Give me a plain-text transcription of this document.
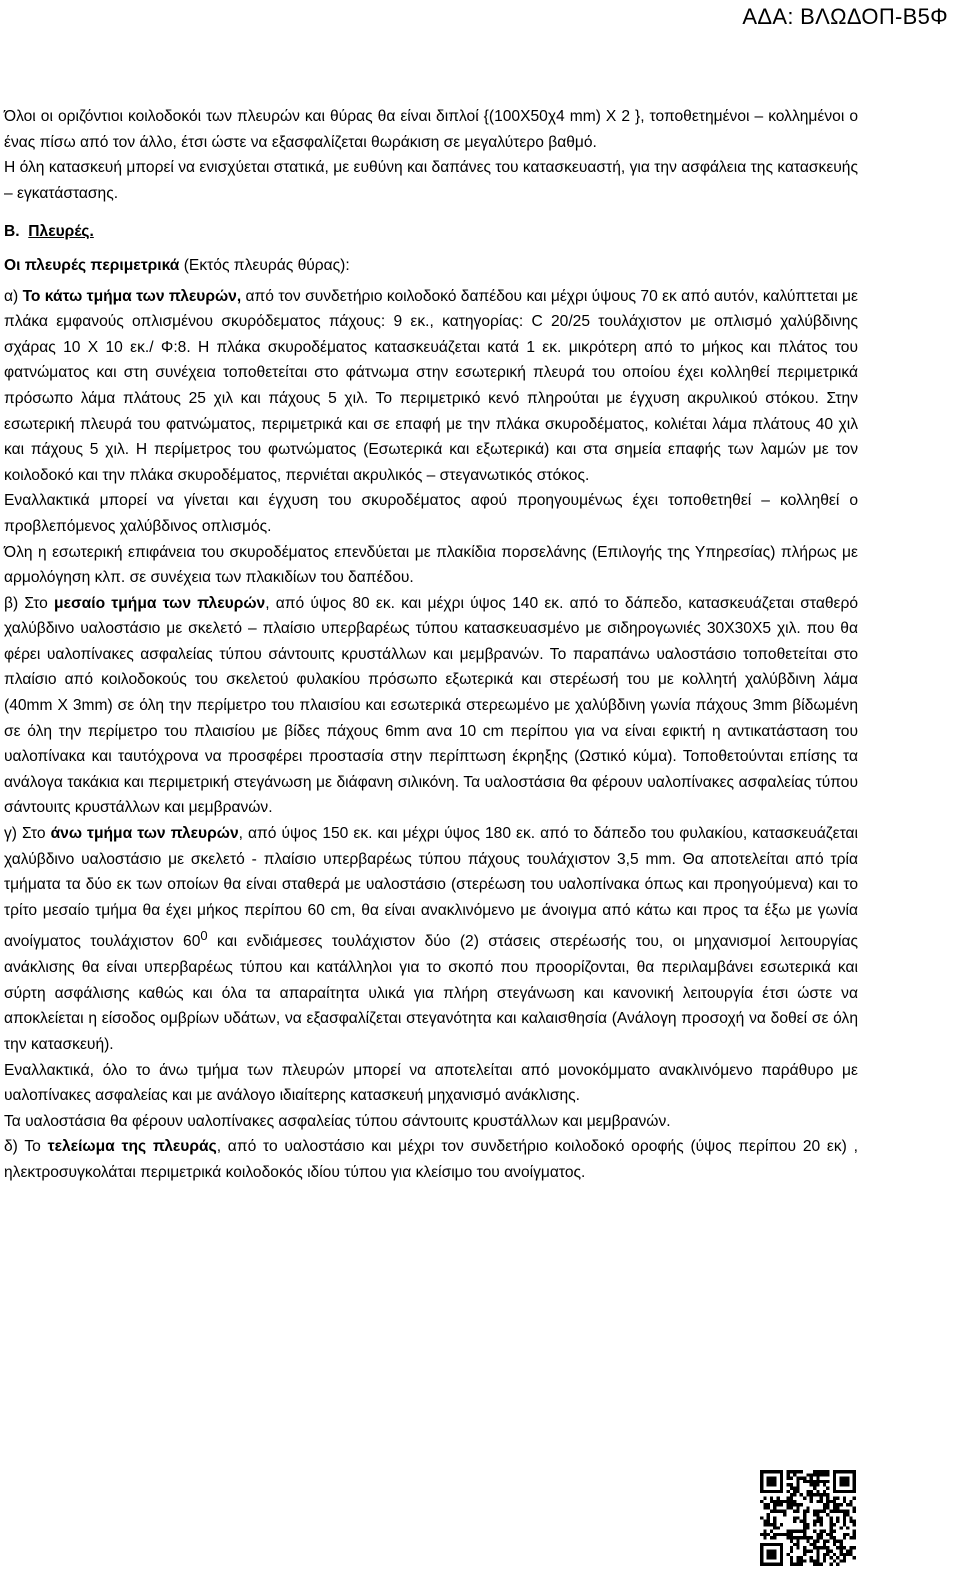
ΑΔΑ: ΒΛΩΔΟΠ-Β5Φ

Όλοι οι οριζόντιοι κοιλοδοκόι των πλευρών και θύρας θα είναι διπλοί {(100Χ50χ4 mm) Χ 2 }, τοποθετημένοι – κολλημένοι ο ένας πίσω από τον άλλο, έτσι ώστε να εξασφαλίζεται θωράκιση σε μεγαλύτερο βαθμό.

Η όλη κατασκευή μπορεί να ενισχύεται στατικά, με ευθύνη και δαπάνες του κατασκευαστή, για την ασφάλεια της κατασκευής – εγκατάστασης.

Β. Πλευρές.

Οι πλευρές περιμετρικά (Εκτός πλευράς θύρας):

α) Το κάτω τμήμα των πλευρών, από τον συνδετήριο κοιλοδοκό δαπέδου και μέχρι ύψους 70 εκ από αυτόν, καλύπτεται με πλάκα εμφανούς οπλισμένου σκυρόδεματος πάχους: 9 εκ., κατηγορίας: C 20/25 τουλάχιστον με οπλισμό χαλύβδινης σχάρας 10 Χ 10 εκ./ Φ:8. Η πλάκα σκυροδέματος κατασκευάζεται κατά 1 εκ. μικρότερη από το μήκος και πλάτος του φατνώματος και στη συνέχεια τοποθετείται στο φάτνωμα στην εσωτερική πλευρά του οποίου έχει κολληθεί περιμετρικά πρόσωπο λάμα πλάτους 25 χιλ και πάχους 5 χιλ. Το περιμετρικό κενό πληρούται με έγχυση ακρυλικού στόκου. Στην εσωτερική πλευρά του φατνώματος, περιμετρικά και σε επαφή με την πλάκα σκυροδέματος, κολιέται λάμα πλάτους 40 χιλ και πάχους 5 χιλ. Η περίμετρος του φωτνώματος (Εσωτερικά και εξωτερικά) και στα σημεία επαφής των λαμών με τον κοιλοδοκό και την πλάκα σκυροδέματος, περνιέται ακρυλικός – στεγανωτικός στόκος.

Εναλλακτικά μπορεί να γίνεται και έγχυση του σκυροδέματος αφού προηγουμένως έχει τοποθετηθεί – κολληθεί ο προβλεπόμενος χαλύβδινος οπλισμός.

Όλη η εσωτερική επιφάνεια του σκυροδέματος επενδύεται με πλακίδια πορσελάνης (Επιλογής της Υπηρεσίας) πλήρως με αρμολόγηση κλπ. σε συνέχεια των πλακιδίων του δαπέδου.

β) Στο μεσαίο τμήμα των πλευρών, από ύψος 80 εκ. και μέχρι ύψος 140 εκ. από το δάπεδο, κατασκευάζεται σταθερό χαλύβδινο υαλοστάσιο με σκελετό – πλαίσιο υπερβαρέως τύπου κατασκευασμένο με σιδηρογωνιές 30Χ30Χ5 χιλ. που θα φέρει υαλοπίνακες ασφαλείας τύπου σάντουιτς κρυστάλλων και μεμβρανών. Το παραπάνω υαλοστάσιο τοποθετείται στο πλαίσιο από κοιλοδοκούς του σκελετού φυλακίου πρόσωπο εξωτερικά και στερέωσή του με κολλητή χαλύβδινη λάμα (40mm Χ 3mm) σε όλη την περίμετρο του πλαισίου και εσωτερικά στερεωμένο με χαλύβδινη γωνία πάχους 3mm βίδωμένη σε όλη την περίμετρο του πλαισίου με βίδες πάχους 6mm ανα 10 cm περίπου για να είναι εφικτή η αντικατάσταση του υαλοπίνακα και ταυτόχρονα να προσφέρει προστασία στην περίπτωση έκρηξης (Ωστικό κύμα). Τοποθετούνται επίσης τα ανάλογα τακάκια και περιμετρική στεγάνωση με διάφανη σιλικόνη. Τα υαλοστάσια θα φέρουν υαλοπίνακες ασφαλείας τύπου σάντουιτς κρυστάλλων και μεμβρανών.

γ) Στο άνω τμήμα των πλευρών, από ύψος 150 εκ. και μέχρι ύψος 180 εκ. από το δάπεδο του φυλακίου, κατασκευάζεται χαλύβδινο υαλοστάσιο με σκελετό - πλαίσιο υπερβαρέως τύπου πάχους τουλάχιστον 3,5 mm. Θα αποτελείται από τρία τμήματα τα δύο εκ των οποίων θα είναι σταθερά με υαλοστάσιο (στερέωση του υαλοπίνακα όπως και προηγούμενα) και το τρίτο μεσαίο τμήμα θα έχει μήκος περίπου 60 cm, θα είναι ανακλινόμενο με άνοιγμα από κάτω και προς τα έξω με γωνία ανοίγματος τουλάχιστον $60^0$ και ενδιάμεσες τουλάχιστον δύο (2) στάσεις στερέωσής του, οι μηχανισμοί λειτουργίας ανάκλισης θα είναι υπερβαρέως τύπου και κατάλληλοι για το σκοπό που προορίζονται, θα περιλαμβάνει εσωτερικά και σύρτη ασφάλισης καθώς και όλα τα απαραίτητα υλικά για πλήρη στεγάνωση και κανονική λειτουργία έτσι ώστε να αποκλείεται η είσοδος ομβρίων υδάτων, να εξασφαλίζεται στεγανότητα και καλαισθησία (Ανάλογη προσοχή να δοθεί σε όλη την κατασκευή).

Εναλλακτικά, όλο το άνω τμήμα των πλευρών μπορεί να αποτελείται από μονοκόμματο ανακλινόμενο παράθυρο με υαλοπίνακες ασφαλείας και με ανάλογο ιδιαίτερης κατασκευή μηχανισμό ανάκλισης.

Τα υαλοστάσια θα φέρουν υαλοπίνακες ασφαλείας τύπου σάντουιτς κρυστάλλων και μεμβρανών.

δ) Το τελείωμα της πλευράς, από το υαλοστάσιο και μέχρι τον συνδετήριο κοιλοδοκό οροφής (ύψος περίπου 20 εκ) , ηλεκτροσυγκολάται περιμετρικά κοιλοδοκός ιδίου τύπου για κλείσιμο του ανοίγματος.
